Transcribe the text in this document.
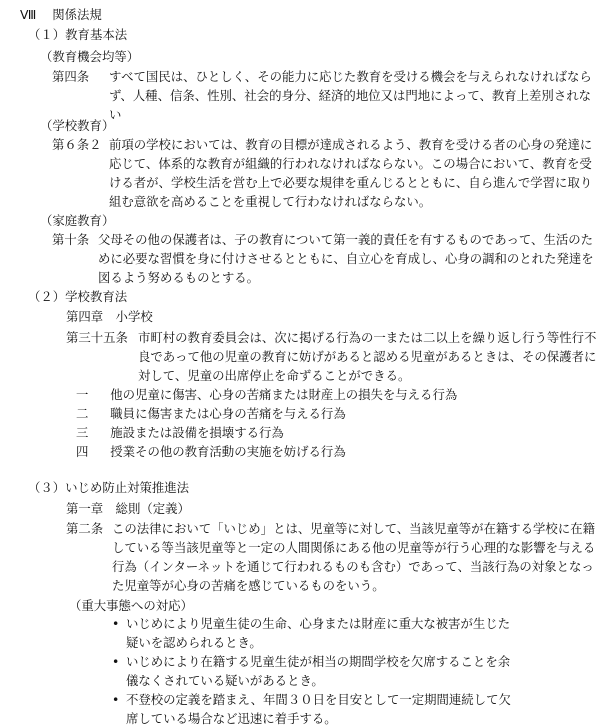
Ⅷ 関係法規
（１）教育基本法
（教育機会均等）
第四条 すべて国民は、ひとしく、その能力に応じた教育を受ける機会を与えられなければならず、人種、信条、性別、社会的身分、経済的地位又は門地によって、教育上差別されない
（学校教育）
第６条２ 前項の学校においては、教育の目標が達成されるよう、教育を受ける者の心身の発達に応じて、体系的な教育が組織的行われなければならない。この場合において、教育を受ける者が、学校生活を営む上で必要な規律を重んじるとともに、自ら進んで学習に取り組む意欲を高めることを重視して行わなければならない。
（家庭教育）
第十条 父母その他の保護者は、子の教育について第一義的責任を有するものであって、生活のために必要な習慣を身に付けさせるとともに、自立心を育成し、心身の調和のとれた発達を図るよう努めるものとする。
（２）学校教育法
第四章　小学校
第三十五条 市町村の教育委員会は、次に掲げる行為の一または二以上を繰り返し行う等性行不良であって他の児童の教育に妨げがあると認める児童があるときは、その保護者に対して、児童の出席停止を命ずることができる。
一 他の児童に傷害、心身の苦痛または財産上の損失を与える行為
二 職員に傷害または心身の苦痛を与える行為
三 施設または設備を損壊する行為
四 授業その他の教育活動の実施を妨げる行為
（３）いじめ防止対策推進法
第一章　総則（定義）
第二条 この法律において「いじめ」とは、児童等に対して、当該児童等が在籍する学校に在籍している等当該児童等と一定の人間関係にある他の児童等が行う心理的な影響を与える行為（インターネットを通じて行われるものも含む）であって、当該行為の対象となった児童等が心身の苦痛を感じているものをいう。
（重大事態への対応）
• いじめにより児童生徒の生命、心身または財産に重大な被害が生じた疑いを認められるとき。
• いじめにより在籍する児童生徒が相当の期間学校を欠席することを余儀なくされている疑いがあるとき。
• 不登校の定義を踏まえ、年間３０日を目安として一定期間連続して欠席している場合など迅速に着手する。
